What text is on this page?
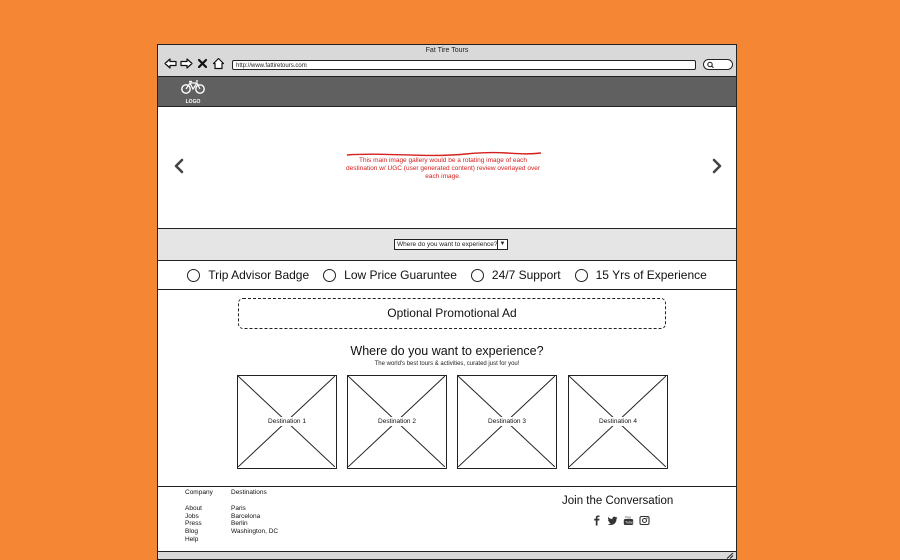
Fat Tire Tours
http://www.fattiretours.com
LOGO
This main image gallery would be a rotating image of each destination w/ UGC (user generated content) review overlayed over each image.
Where do you want to experience? ▼
Trip Advisor Badge	Low Price Guaruntee	24/7 Support	15 Yrs of Experience
Optional Promotional Ad
Where do you want to experience?
The world's best tours & activities, curated just for you!
Destination 1	Destination 2	Destination 3	Destination 4
Company
About
Jobs
Press
Blog
Help
Destinations
Paris
Barcelona
Berlin
Washington, DC
Join the Conversation
You
Tube
